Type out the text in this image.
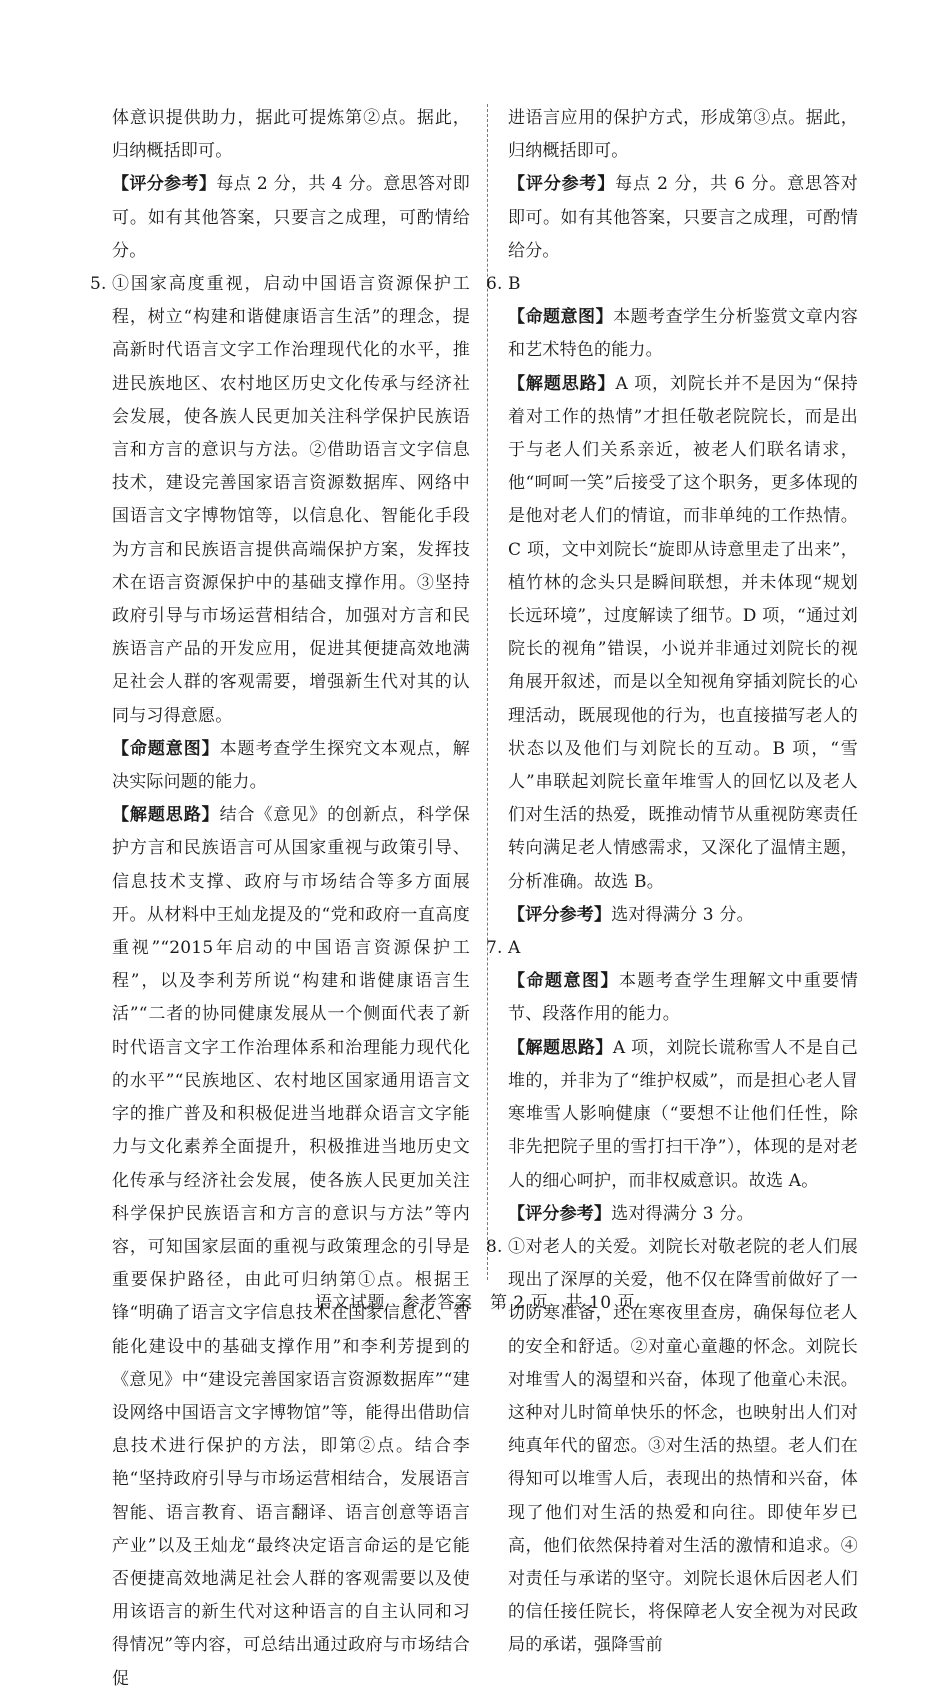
体意识提供助力，据此可提炼第②点。据此，归纳概括即可。

【评分参考】每点 2 分，共 4 分。意思答对即可。如有其他答案，只要言之成理，可酌情给分。

5. ①国家高度重视，启动中国语言资源保护工程，树立“构建和谐健康语言生活”的理念，提高新时代语言文字工作治理现代化的水平，推进民族地区、农村地区历史文化传承与经济社会发展，使各族人民更加关注科学保护民族语言和方言的意识与方法。②借助语言文字信息技术，建设完善国家语言资源数据库、网络中国语言文字博物馆等，以信息化、智能化手段为方言和民族语言提供高端保护方案，发挥技术在语言资源保护中的基础支撑作用。③坚持政府引导与市场运营相结合，加强对方言和民族语言产品的开发应用，促进其便捷高效地满足社会人群的客观需要，增强新生代对其的认同与习得意愿。

【命题意图】本题考查学生探究文本观点，解决实际问题的能力。

【解题思路】结合《意见》的创新点，科学保护方言和民族语言可从国家重视与政策引导、信息技术支撑、政府与市场结合等多方面展开。从材料中王灿龙提及的“党和政府一直高度重视”“2015年启动的中国语言资源保护工程”，以及李利芳所说“构建和谐健康语言生活”“二者的协同健康发展从一个侧面代表了新时代语言文字工作治理体系和治理能力现代化的水平”“民族地区、农村地区国家通用语言文字的推广普及和积极促进当地群众语言文字能力与文化素养全面提升，积极推进当地历史文化传承与经济社会发展，使各族人民更加关注科学保护民族语言和方言的意识与方法”等内容，可知国家层面的重视与政策理念的引导是重要保护路径，由此可归纳第①点。根据王锋“明确了语言文字信息技术在国家信息化、智能化建设中的基础支撑作用”和李利芳提到的《意见》中“建设完善国家语言资源数据库”“建设网络中国语言文字博物馆”等，能得出借助信息技术进行保护的方法，即第②点。结合李艳“坚持政府引导与市场运营相结合，发展语言智能、语言教育、语言翻译、语言创意等语言产业”以及王灿龙“最终决定语言命运的是它能否便捷高效地满足社会人群的客观需要以及使用该语言的新生代对这种语言的自主认同和习得情况”等内容，可总结出通过政府与市场结合促

进语言应用的保护方式，形成第③点。据此，归纳概括即可。

【评分参考】每点 2 分，共 6 分。意思答对即可。如有其他答案，只要言之成理，可酌情给分。

6. B

【命题意图】本题考查学生分析鉴赏文章内容和艺术特色的能力。

【解题思路】A 项，刘院长并不是因为“保持着对工作的热情”才担任敬老院院长，而是出于与老人们关系亲近，被老人们联名请求，他“呵呵一笑”后接受了这个职务，更多体现的是他对老人们的情谊，而非单纯的工作热情。C 项，文中刘院长“旋即从诗意里走了出来”，植竹林的念头只是瞬间联想，并未体现“规划长远环境”，过度解读了细节。D 项，“通过刘院长的视角”错误，小说并非通过刘院长的视角展开叙述，而是以全知视角穿插刘院长的心理活动，既展现他的行为，也直接描写老人的状态以及他们与刘院长的互动。B 项，“雪人”串联起刘院长童年堆雪人的回忆以及老人们对生活的热爱，既推动情节从重视防寒责任转向满足老人情感需求，又深化了温情主题，分析准确。故选 B。

【评分参考】选对得满分 3 分。

7. A

【命题意图】本题考查学生理解文中重要情节、段落作用的能力。

【解题思路】A 项，刘院长谎称雪人不是自己堆的，并非为了“维护权威”，而是担心老人冒寒堆雪人影响健康（“要想不让他们任性，除非先把院子里的雪打扫干净”），体现的是对老人的细心呵护，而非权威意识。故选 A。

【评分参考】选对得满分 3 分。

8. ①对老人的关爱。刘院长对敬老院的老人们展现出了深厚的关爱，他不仅在降雪前做好了一切防寒准备，还在寒夜里查房，确保每位老人的安全和舒适。②对童心童趣的怀念。刘院长对堆雪人的渴望和兴奋，体现了他童心未泯。这种对儿时简单快乐的怀念，也映射出人们对纯真年代的留恋。③对生活的热望。老人们在得知可以堆雪人后，表现出的热情和兴奋，体现了他们对生活的热爱和向往。即使年岁已高，他们依然保持着对生活的激情和追求。④对责任与承诺的坚守。刘院长退休后因老人们的信任接任院长，将保障老人安全视为对民政局的承诺，强降雪前

语文试题　参考答案　第 2 页　共 10 页
